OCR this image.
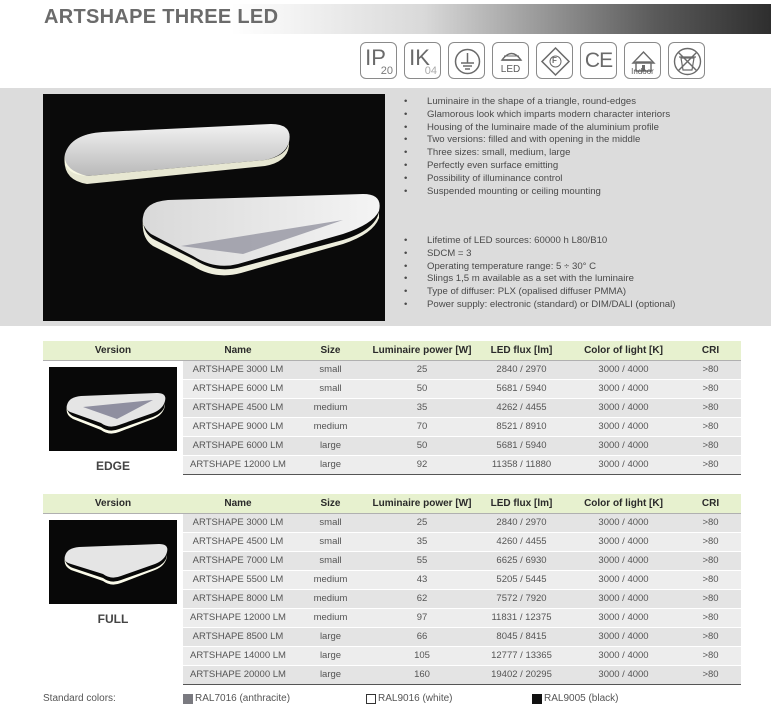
ARTSHAPE THREE LED
IP
20
IK
04	LED
F CE	Indoor
• Luminaire in the shape of a triangle, round-edges
• Glamorous look which imparts modern character interiors
• Housing of the luminaire made of the aluminium profile
• Two versions: filled and with opening in the middle
• Three sizes: small, medium, large
• Perfectly even surface emitting
• Possibility of illuminance control
• Suspended mounting or ceiling mounting
• Lifetime of LED sources: 60000 h L80/B10
• SDCM = 3
• Operating temperature range: 5 ÷ 30° C
• Slings 1,5 m available as a set with the luminaire
• Type of diffuser: PLX (opalised diffuser PMMA)
• Power supply: electronic (standard) or DIM/DALI (optional)
Version	Name	Size	Luminaire power [W]	LED flux [lm]	Color of light [K]	CRI

EDGE	ARTSHAPE 3000 LM	small	25	2840 / 2970	3000 / 4000	>80
	ARTSHAPE 6000 LM	small	50	5681 / 5940	3000 / 4000	>80
	ARTSHAPE 4500 LM	medium	35	4262 / 4455	3000 / 4000	>80
	ARTSHAPE 9000 LM	medium	70	8521 / 8910	3000 / 4000	>80
	ARTSHAPE 6000 LM	large	50	5681 / 5940	3000 / 4000	>80
	ARTSHAPE 12000 LM	large	92	11358 / 11880	3000 / 4000	>80
Version	Name	Size	Luminaire power [W]	LED flux [lm]	Color of light [K]	CRI

FULL	ARTSHAPE 3000 LM	small	25	2840 / 2970	3000 / 4000	>80
	ARTSHAPE 4500 LM	small	35	4260 / 4455	3000 / 4000	>80
	ARTSHAPE 7000 LM	small	55	6625 / 6930	3000 / 4000	>80
	ARTSHAPE 5500 LM	medium	43	5205 / 5445	3000 / 4000	>80
	ARTSHAPE 8000 LM	medium	62	7572 / 7920	3000 / 4000	>80
	ARTSHAPE 12000 LM	medium	97	11831 / 12375	3000 / 4000	>80
	ARTSHAPE 8500 LM	large	66	8045 / 8415	3000 / 4000	>80
	ARTSHAPE 14000 LM	large	105	12777 / 13365	3000 / 4000	>80
	ARTSHAPE 20000 LM	large	160	19402 / 20295	3000 / 4000	>80
Standard colors:	RAL7016 (anthracite)	RAL9016 (white)	RAL9005 (black)
